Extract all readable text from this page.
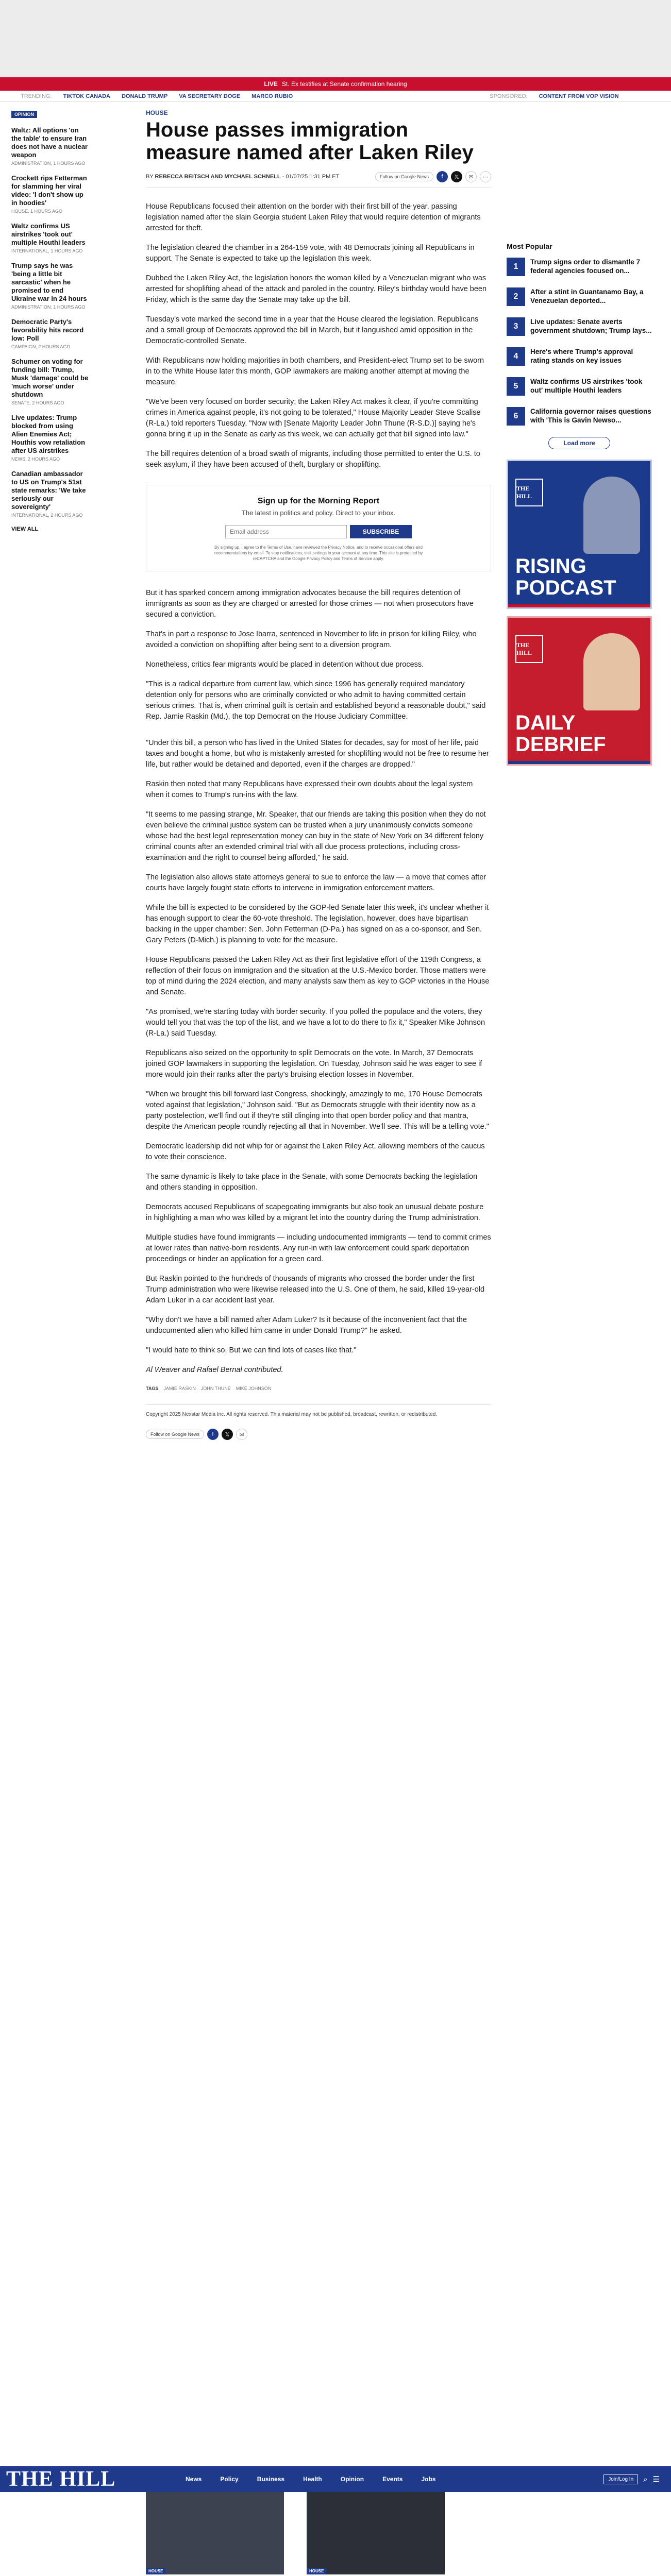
LIVE St. Ex testifies at Senate confirmation hearing
TRENDING: TIKTOK CANADA DONALD TRUMP VA SECRETARY DOGE MARCO RUBIO	SPONSORED: CONTENT FROM VOP VISION
OPINION
Waltz: All options 'on the table' to ensure Iran does not have a nuclear weapon
ADMINISTRATION, 1 HOURS AGO
Crockett rips Fetterman for slamming her viral video: 'I don't show up in hoodies'
HOUSE, 1 HOURS AGO
Waltz confirms US airstrikes 'took out' multiple Houthi leaders
INTERNATIONAL, 1 HOURS AGO
Trump says he was 'being a little bit sarcastic' when he promised to end Ukraine war in 24 hours
ADMINISTRATION, 1 HOURS AGO
Democratic Party's favorability hits record low: Poll
CAMPAIGN, 2 HOURS AGO
Schumer on voting for funding bill: Trump, Musk 'damage' could be 'much worse' under shutdown
SENATE, 2 HOURS AGO
Live updates: Trump blocked from using Alien Enemies Act; Houthis vow retaliation after US airstrikes
NEWS, 2 HOURS AGO
Canadian ambassador to US on Trump's 51st state remarks: 'We take seriously our sovereignty'
INTERNATIONAL, 2 HOURS AGO
VIEW ALL
HOUSE
House passes immigration measure named after Laken Riley
BY REBECCA BEITSCH AND MYCHAEL SCHNELL - 01/07/25 1:31 PM ET	Follow on Google News	f	𝕏	✉	⋯

House Republicans focused their attention on the border with their first bill of the year, passing legislation named after the slain Georgia student Laken Riley that would require detention of migrants arrested for theft.

The legislation cleared the chamber in a 264-159 vote, with 48 Democrats joining all Republicans in support. The Senate is expected to take up the legislation this week.

Dubbed the Laken Riley Act, the legislation honors the woman killed by a Venezuelan migrant who was arrested for shoplifting ahead of the attack and paroled in the country. Riley's birthday would have been Friday, which is the same day the Senate may take up the bill.

Tuesday's vote marked the second time in a year that the House cleared the legislation. Republicans and a small group of Democrats approved the bill in March, but it languished amid opposition in the Democratic-controlled Senate.

With Republicans now holding majorities in both chambers, and President-elect Trump set to be sworn in to the White House later this month, GOP lawmakers are making another attempt at moving the measure.

"We've been very focused on border security; the Laken Riley Act makes it clear, if you're committing crimes in America against people, it's not going to be tolerated," House Majority Leader Steve Scalise (R-La.) told reporters Tuesday. "Now with [Senate Majority Leader John Thune (R-S.D.)] saying he's gonna bring it up in the Senate as early as this week, we can actually get that bill signed into law."

The bill requires detention of a broad swath of migrants, including those permitted to enter the U.S. to seek asylum, if they have been accused of theft, burglary or shoplifting.

Sign up for the Morning Report
The latest in politics and policy. Direct to your inbox.
Email address
SUBSCRIBE
By signing up, I agree to the Terms of Use, have reviewed the Privacy Notice, and to receive occasional offers and recommendations by email. To stop notifications, visit settings in your account at any time. This site is protected by reCAPTCHA and the Google Privacy Policy and Terms of Service apply.

But it has sparked concern among immigration advocates because the bill requires detention of immigrants as soon as they are charged or arrested for those crimes — not when prosecutors have secured a conviction.

That's in part a response to Jose Ibarra, sentenced in November to life in prison for killing Riley, who avoided a conviction on shoplifting after being sent to a diversion program.

Nonetheless, critics fear migrants would be placed in detention without due process.

"This is a radical departure from current law, which since 1996 has generally required mandatory detention only for persons who are criminally convicted or who admit to having committed certain serious crimes. That is, when criminal guilt is certain and established beyond a reasonable doubt," said Rep. Jamie Raskin (Md.), the top Democrat on the House Judiciary Committee.

"Under this bill, a person who has lived in the United States for decades, say for most of her life, paid taxes and bought a home, but who is mistakenly arrested for shoplifting would not be free to resume her life, but rather would be detained and deported, even if the charges are dropped."

Raskin then noted that many Republicans have expressed their own doubts about the legal system when it comes to Trump's run-ins with the law.

"It seems to me passing strange, Mr. Speaker, that our friends are taking this position when they do not even believe the criminal justice system can be trusted when a jury unanimously convicts someone whose had the best legal representation money can buy in the state of New York on 34 different felony criminal counts after an extended criminal trial with all due process protections, including cross-examination and the right to counsel being afforded," he said.

The legislation also allows state attorneys general to sue to enforce the law — a move that comes after courts have largely fought state efforts to intervene in immigration enforcement matters.

While the bill is expected to be considered by the GOP-led Senate later this week, it's unclear whether it has enough support to clear the 60-vote threshold. The legislation, however, does have bipartisan backing in the upper chamber: Sen. John Fetterman (D-Pa.) has signed on as a co-sponsor, and Sen. Gary Peters (D-Mich.) is planning to vote for the measure.

House Republicans passed the Laken Riley Act as their first legislative effort of the 119th Congress, a reflection of their focus on immigration and the situation at the U.S.-Mexico border. Those matters were top of mind during the 2024 election, and many analysts saw them as key to GOP victories in the House and Senate.

"As promised, we're starting today with border security. If you polled the populace and the voters, they would tell you that was the top of the list, and we have a lot to do there to fix it," Speaker Mike Johnson (R-La.) said Tuesday.

Republicans also seized on the opportunity to split Democrats on the vote. In March, 37 Democrats joined GOP lawmakers in supporting the legislation. On Tuesday, Johnson said he was eager to see if more would join their ranks after the party's bruising election losses in November.

"When we brought this bill forward last Congress, shockingly, amazingly to me, 170 House Democrats voted against that legislation," Johnson said. "But as Democrats struggle with their identity now as a party postelection, we'll find out if they're still clinging into that open border policy and that mantra, despite the American people roundly rejecting all that in November. We'll see. This will be a telling vote."

Democratic leadership did not whip for or against the Laken Riley Act, allowing members of the caucus to vote their conscience.

The same dynamic is likely to take place in the Senate, with some Democrats backing the legislation and others standing in opposition.

Democrats accused Republicans of scapegoating immigrants but also took an unusual debate posture in highlighting a man who was killed by a migrant let into the country during the Trump administration.

Multiple studies have found immigrants — including undocumented immigrants — tend to commit crimes at lower rates than native-born residents. Any run-in with law enforcement could spark deportation proceedings or hinder an application for a green card.

But Raskin pointed to the hundreds of thousands of migrants who crossed the border under the first Trump administration who were likewise released into the U.S. One of them, he said, killed 19-year-old Adam Luker in a car accident last year.

"Why don't we have a bill named after Adam Luker? Is it because of the inconvenient fact that the undocumented alien who killed him came in under Donald Trump?" he asked.

"I would hate to think so. But we can find lots of cases like that."

Al Weaver and Rafael Bernal contributed.

TAGS JAMIE RASKIN JOHN THUNE MIKE JOHNSON
Copyright 2025 Nexstar Media Inc. All rights reserved. This material may not be published, broadcast, rewritten, or redistributed.
Follow on Google News	f	𝕏	✉
Most Popular
1
Trump signs order to dismantle 7 federal agencies focused on...
2
After a stint in Guantanamo Bay, a Venezuelan deported...
3
Live updates: Senate averts government shutdown; Trump lays...
4
Here's where Trump's approval rating stands on key issues
5
Waltz confirms US airstrikes 'took out' multiple Houthi leaders
6
California governor raises questions with 'This is Gavin Newso...
Load more
THE HILL
RISING
PODCAST
THE HILL
DAILY
DEBRIEF
THE HILL	News	Policy	Business	Health	Opinion	Events	Jobs	Join/Log In	⌕ ☰
HOUSE	HOUSE
